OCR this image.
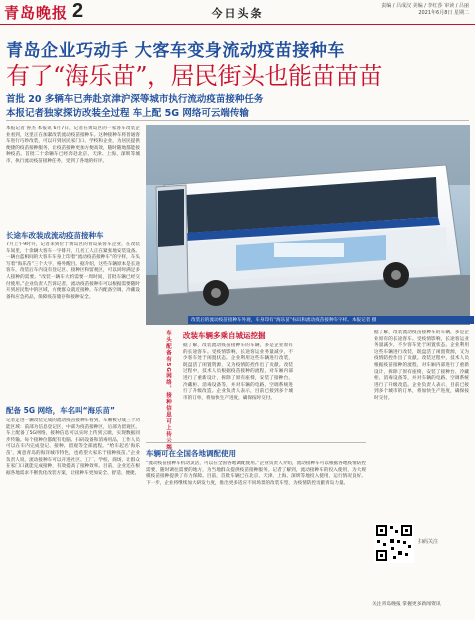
青岛晚报 2	今日头条
责编 / 吕成汉 美编 / 李红莎 审读 / 吕丽
2021年6月8日 星期二
青岛企业巧动手 大客车变身流动疫苗接种车
有了“海乐苗”，居民街头也能苗苗苗
首批 20 多辆车已奔赴京津沪深等城市执行流动疫苗接种任务
本报记者独家探访改装全过程 车上配 5G 网络可云端传输
本报记者 鲁杰 本报讯 6月7日，记者在黄岛区的一家客车改装企业看到，这里正在加紧改装流动疫苗接种车。这种接种车将普通客车进行巧妙改装，可以开到居民家门口、学校和企业，为居民提供便捷的疫苗接种服务，让疫苗接种更加方便高效，随时随地都能接种疫苗。首批二十余辆车已经奔赴北京、天津、上海、深圳等城市，执行流动疫苗接种任务，受到了各地的好评。
长途车改装成流动疫苗接种车
7月上午9时许，记者来到位于黄岛区的青岛某客车企业，在改装车间里，十余辆大客车一字排开，几名工人正在紧张地安装设备。一辆白蓝相间的大客车车身上印着“流动疫苗接种车”的字样，车头写着“海乐苗”三个大字，格外醒目。据介绍，这些车辆原本是长途客车，改装后车内设有登记区、接种区和留观区，可以同时满足多人接种的需要。“改装一辆车大约需要一周时间，首批车辆已经交付使用。”企业负责人告诉记者，流动疫苗接种车可以根据需要随时开到居民集中的区域，方便群众就近接种。车内配备空调、冷藏设备和应急药品，保障疫苗储存和接种安全。
配备 5G 网络，车名叫“海乐苗”
记者走进一辆改装完成的流动疫苗接种车看到，车厢被分成三个功能区域：前部为信息登记区，中部为疫苗接种区，后部为留观区。车上配备了5G网络，接种信息可以实时上传到云端，实现数据同步传输。每个接种位都配有电脑、扫码设备和消毒用品，工作人员可以在车内完成登记、接种、留观等全部流程。“给车起名‘海乐苗’，寓意青岛的海洋城市特色，也希望大家乐于接种疫苗。”企业负责人说，流动接种车可以开进社区、工厂、学校、商场，让群众在家门口就能完成接种，有效提高了接种效率。目前，企业还在根据各地需求不断优化改装方案，让接种车更加安全、舒适、便捷。
改装后的流动疫苗接种车外观，车身印有“海乐苗”标识和流动疫苗接种车字样。本报记者 摄
车头配备有5G网络，接种信息可上传云端 改装车辆多乘自城运挖掘
据了解，改装流动疫苗接种车的车辆，多是企业原有的长途客车。受疫情影响，长途客运业务量减少，不少客车处于闲置状态。企业利用这些车辆进行改装，既盘活了闲置资源，又为疫情防控作出了贡献。改装过程中，技术人员根据疫苗接种的流程，对车厢内部进行了重新设计，拆除了原有座椅，安装了接种台、冷藏柜、消毒设备等，并对车辆的电路、空调系统进行了升级改造。企业负责人表示，目前已接到多个城市的订单，将加快生产进度，确保按时交付。
车辆可在全国各地调配使用
“流动疫苗接种车机动灵活，可以在全国各地调配使用。”企业负责人介绍，流动接种车可以根据各地疫情防控需要，随时调往需要的地方，为当地群众提供疫苗接种服务。记者了解到，流动接种车的投入使用，为大规模疫苗接种提供了有力保障。目前，首批车辆已在北京、天津、上海、深圳等地投入使用，运行情况良好。下一步，企业将继续加大研发力度，推出更多适应不同场景的改装车型，为疫情防控贡献青岛力量。
据了解，改装流动疫苗接种车的车辆，多是企业原有的长途客车。受疫情影响，长途客运业务量减少，不少客车处于闲置状态。企业利用这些车辆进行改装，既盘活了闲置资源，又为疫情防控作出了贡献。改装过程中，技术人员根据疫苗接种的流程，对车厢内部进行了重新设计，拆除了原有座椅，安装了接种台、冷藏柜、消毒设备等，并对车辆的电路、空调系统进行了升级改造。企业负责人表示，目前已接到多个城市的订单，将加快生产进度，确保按时交付。
扫码关注
关注青岛晚报 掌握更多新闻资讯
